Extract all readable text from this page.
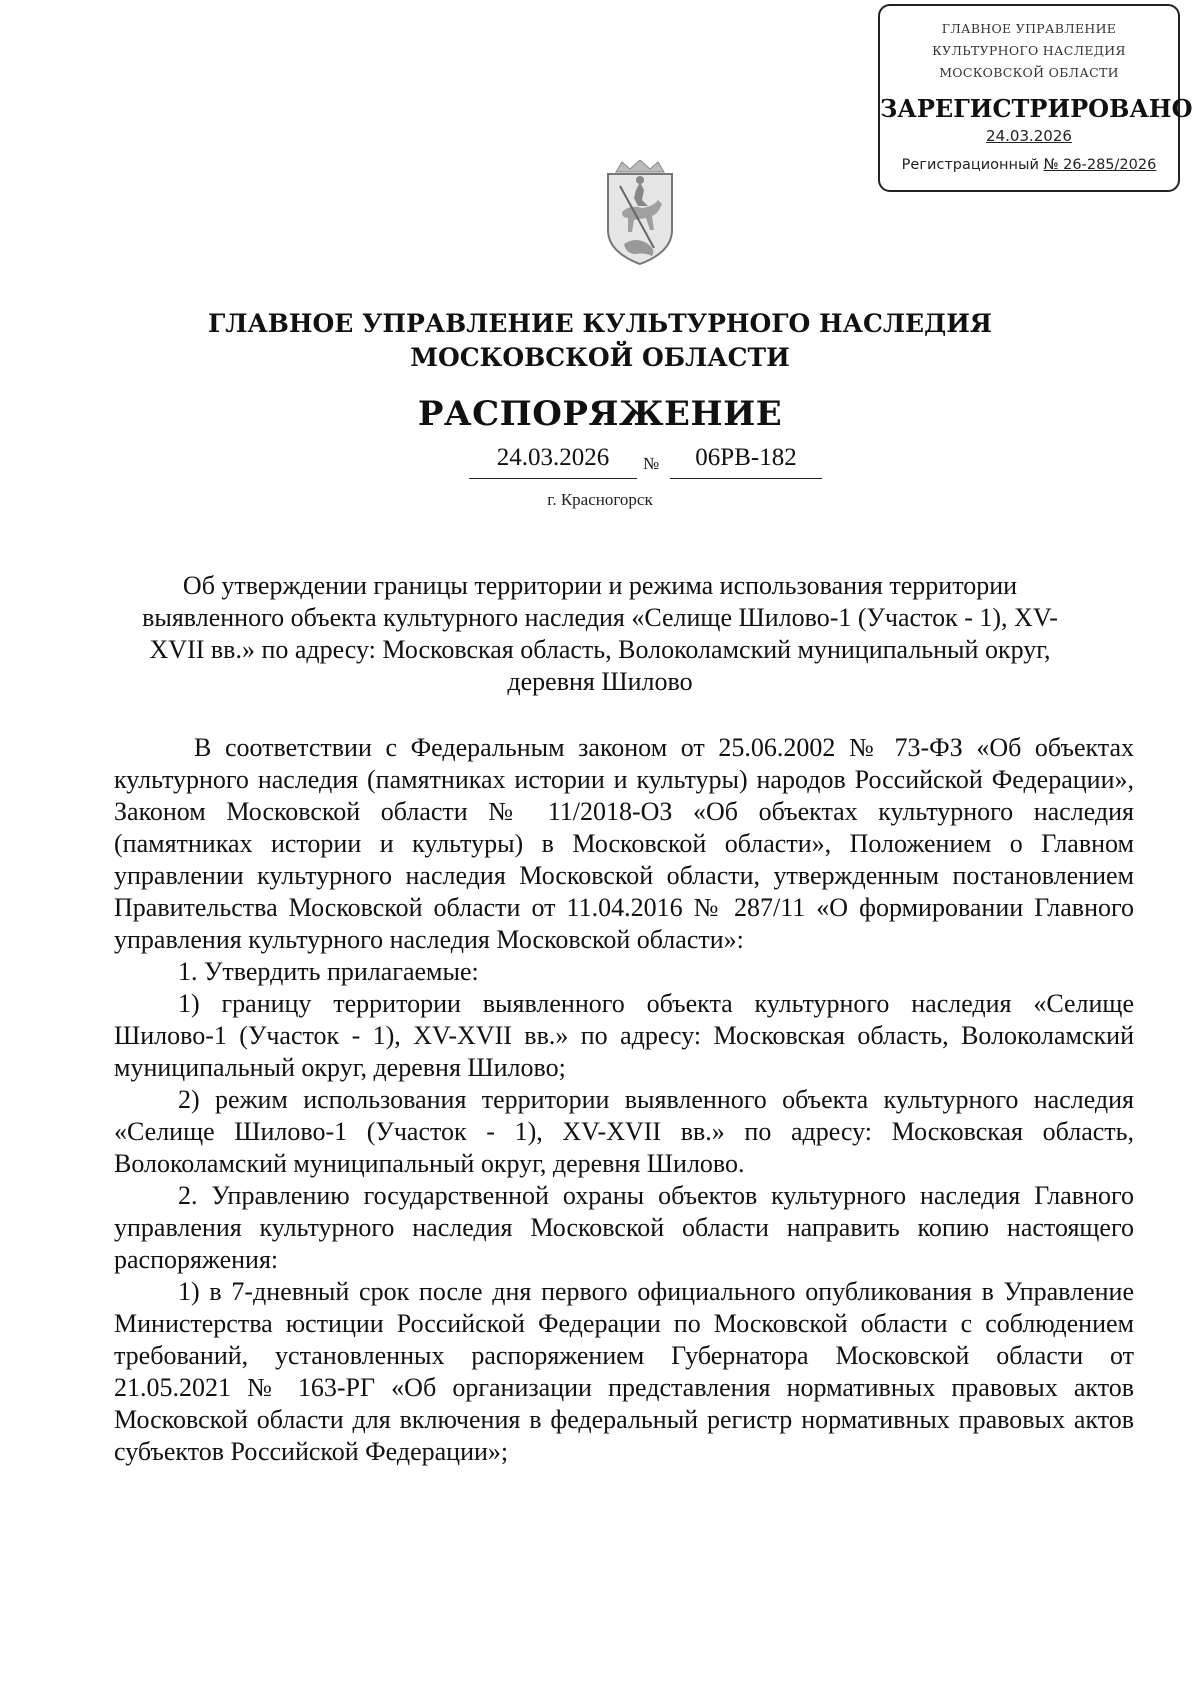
ГЛАВНОЕ УПРАВЛЕНИЕ
КУЛЬТУРНОГО НАСЛЕДИЯ
МОСКОВСКОЙ ОБЛАСТИ
ЗАРЕГИСТРИРОВАНО
24.03.2026
Регистрационный № 26-285/2026
ГЛАВНОЕ УПРАВЛЕНИЕ КУЛЬТУРНОГО НАСЛЕДИЯ
МОСКОВСКОЙ ОБЛАСТИ
РАСПОРЯЖЕНИЕ
24.03.2026	№	06РВ-182
г. Красногорск
Об утверждении границы территории и режима использования территории выявленного объекта культурного наследия «Селище Шилово-1 (Участок - 1), XV-XVII вв.» по адресу: Московская область, Волоколамский муниципальный округ, деревня Шилово

В соответствии с Федеральным законом от 25.06.2002 № 73-ФЗ «Об объектах культурного наследия (памятниках истории и культуры) народов Российской Федерации», Законом Московской области № 11/2018-ОЗ «Об объектах культурного наследия (памятниках истории и культуры) в Московской области», Положением о Главном управлении культурного наследия Московской области, утвержденным постановлением Правительства Московской области от 11.04.2016 № 287/11 «О формировании Главного управления культурного наследия Московской области»:

1. Утвердить прилагаемые:

1) границу территории выявленного объекта культурного наследия «Селище Шилово-1 (Участок - 1), XV-XVII вв.» по адресу: Московская область, Волоколамский муниципальный округ, деревня Шилово;

2) режим использования территории выявленного объекта культурного наследия «Селище Шилово-1 (Участок - 1), XV-XVII вв.» по адресу: Московская область, Волоколамский муниципальный округ, деревня Шилово.

2. Управлению государственной охраны объектов культурного наследия Главного управления культурного наследия Московской области направить копию настоящего распоряжения:

1) в 7-дневный срок после дня первого официального опубликования в Управление Министерства юстиции Российской Федерации по Московской области с соблюдением требований, установленных распоряжением Губернатора Московской области от 21.05.2021 № 163-РГ «Об организации представления нормативных правовых актов Московской области для включения в федеральный регистр нормативных правовых актов субъектов Российской Федерации»;
